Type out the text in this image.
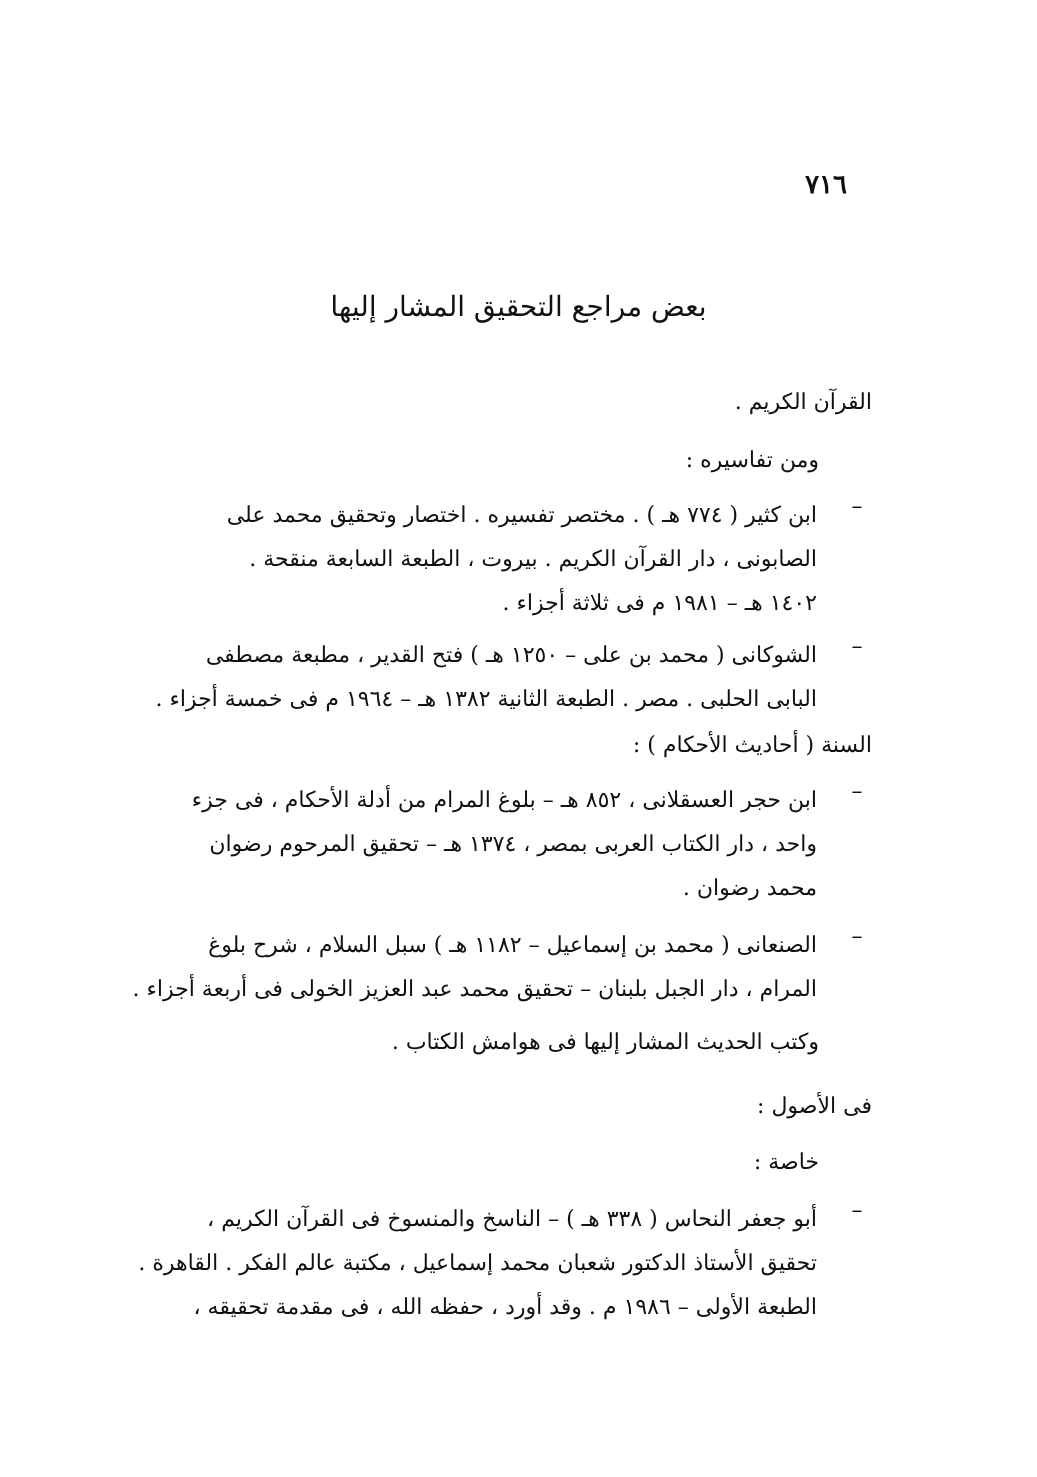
٧١٦
بعض مراجع التحقيق المشار إليها
القرآن الكريم .
ومن تفاسيره :
–
ابن كثير ( ٧٧٤ هـ ) . مختصر تفسيره . اختصار وتحقيق محمد على
الصابونى ، دار القرآن الكريم . بيروت ، الطبعة السابعة منقحة .
١٤٠٢ هـ – ١٩٨١ م فى ثلاثة أجزاء .
–
الشوكانى ( محمد بن على – ١٢٥٠ هـ ) فتح القدير ، مطبعة مصطفى
البابى الحلبى . مصر . الطبعة الثانية ١٣٨٢ هـ – ١٩٦٤ م فى خمسة أجزاء .
السنة ( أحاديث الأحكام ) :
–
ابن حجر العسقلانى ، ٨٥٢ هـ – بلوغ المرام من أدلة الأحكام ، فى جزء
واحد ، دار الكتاب العربى بمصر ، ١٣٧٤ هـ – تحقيق المرحوم رضوان
محمد رضوان .
–
الصنعانى ( محمد بن إسماعيل – ١١٨٢ هـ ) سبل السلام ، شرح بلوغ
المرام ، دار الجبل بلبنان – تحقيق محمد عبد العزيز الخولى فى أربعة أجزاء .
وكتب الحديث المشار إليها فى هوامش الكتاب .
فى الأصول :
خاصة :
–
أبو جعفر النحاس ( ٣٣٨ هـ ) – الناسخ والمنسوخ فى القرآن الكريم ،
تحقيق الأستاذ الدكتور شعبان محمد إسماعيل ، مكتبة عالم الفكر . القاهرة .
الطبعة الأولى – ١٩٨٦ م . وقد أورد ، حفظه الله ، فى مقدمة تحقيقه ،
